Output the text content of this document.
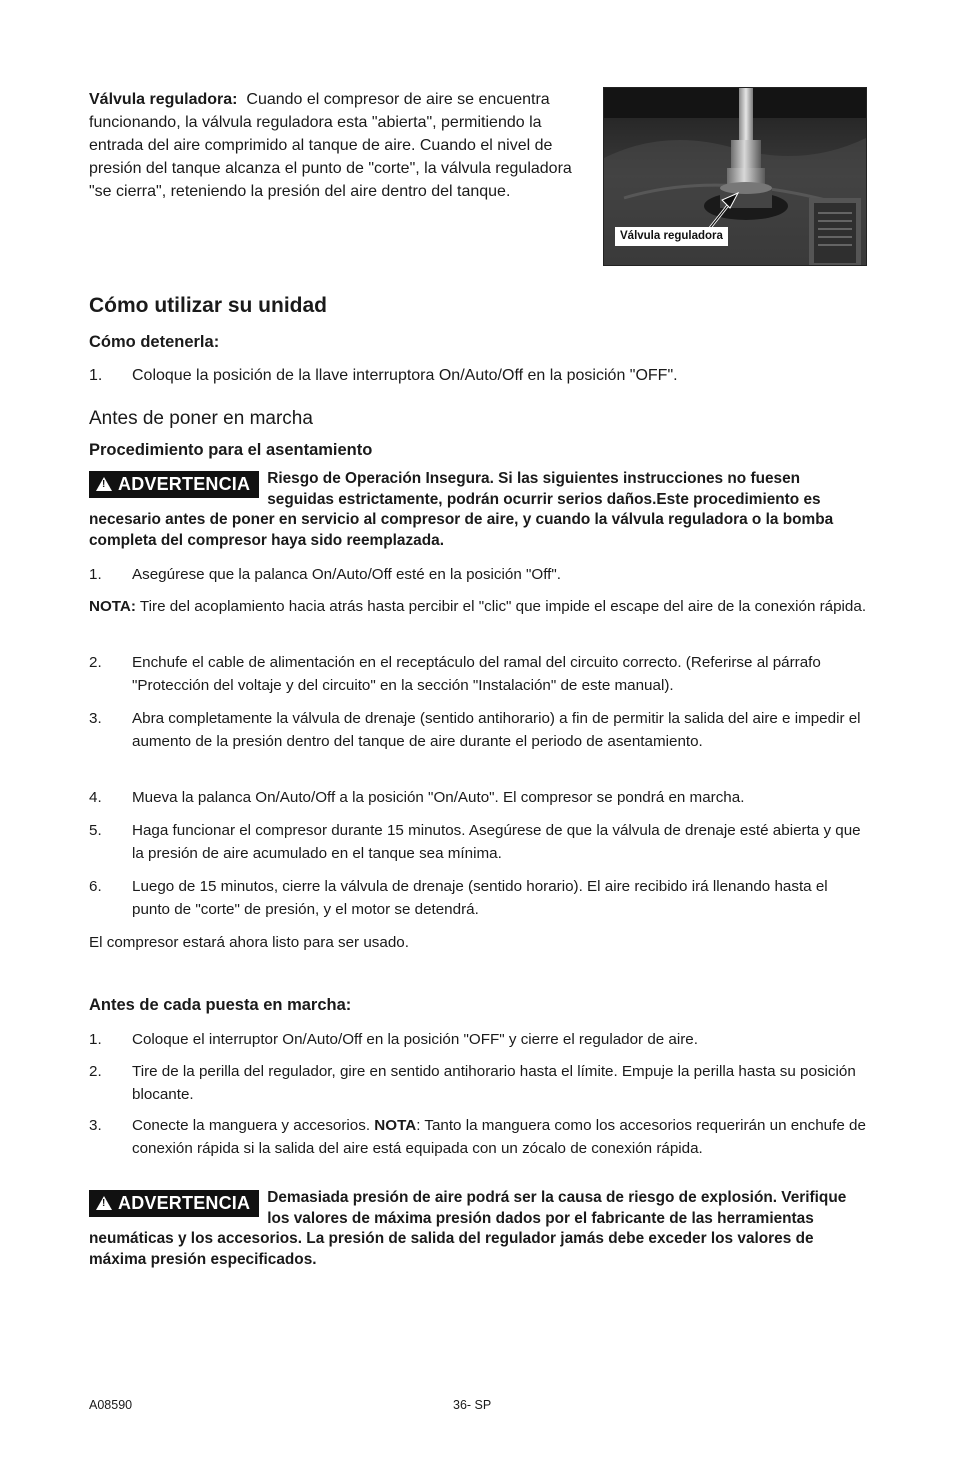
Válvula reguladora: Cuando el compresor de aire se encuentra funcionando, la válvula reguladora esta "abierta", permitiendo la entrada del aire comprimido al tanque de aire. Cuando el nivel de presión del tanque alcanza el punto de "corte", la válvula reguladora "se cierra", reteniendo la presión del aire dentro del tanque.

Válvula reguladora
Cómo utilizar su unidad
Cómo detenerla:
1. Coloque la posición de la llave interruptora On/Auto/Off en la posición "OFF".
Antes de poner en marcha
Procedimiento para el asentamiento
!ADVERTENCIA	Riesgo de Operación Insegura. Si las siguientes instrucciones no fuesen seguidas estrictamente, podrán ocurrir serios daños.Este procedimiento es necesario antes de poner en servicio al compresor de aire, y cuando la válvula reguladora o la bomba completa del compresor haya sido reemplazada.
1. Asegúrese que la palanca On/Auto/Off esté en la posición "Off".

NOTA: Tire del acoplamiento hacia atrás hasta percibir el "clic" que impide el escape del aire de la conexión rápida.

2. Enchufe el cable de alimentación en el receptáculo del ramal del circuito correcto. (Referirse al párrafo "Protección del voltaje y del circuito" en la sección "Instalación" de este manual).
3. Abra completamente la válvula de drenaje (sentido antihorario) a fin de permitir la salida del aire e impedir el aumento de la presión dentro del tanque de aire durante el periodo de asentamiento.
4. Mueva la palanca On/Auto/Off a la posición "On/Auto". El compresor se pondrá en marcha.
5. Haga funcionar el compresor durante 15 minutos. Asegúrese de que la válvula de drenaje esté abierta y que la presión de aire acumulado en el tanque sea mínima.
6. Luego de 15 minutos, cierre la válvula de drenaje (sentido horario). El aire recibido irá llenando hasta el punto de "corte" de presión, y el motor se detendrá.

El compresor estará ahora listo para ser usado.

Antes de cada puesta en marcha:
1. Coloque el interruptor On/Auto/Off en la posición "OFF" y cierre el regulador de aire.
2. Tire de la perilla del regulador, gire en sentido antihorario hasta el límite. Empuje la perilla hasta su posición blocante.
3. Conecte la manguera y accesorios. NOTA: Tanto la manguera como los accesorios requerirán un enchufe de conexión rápida si la salida del aire está equipada con un zócalo de conexión rápida.
!ADVERTENCIA	Demasiada presión de aire podrá ser la causa de riesgo de explosión. Verifique los valores de máxima presión dados por el fabricante de las herramientas neumáticas y los accesorios. La presión de salida del regulador jamás debe exceder los valores de máxima presión especificados.
A08590	36- SP
